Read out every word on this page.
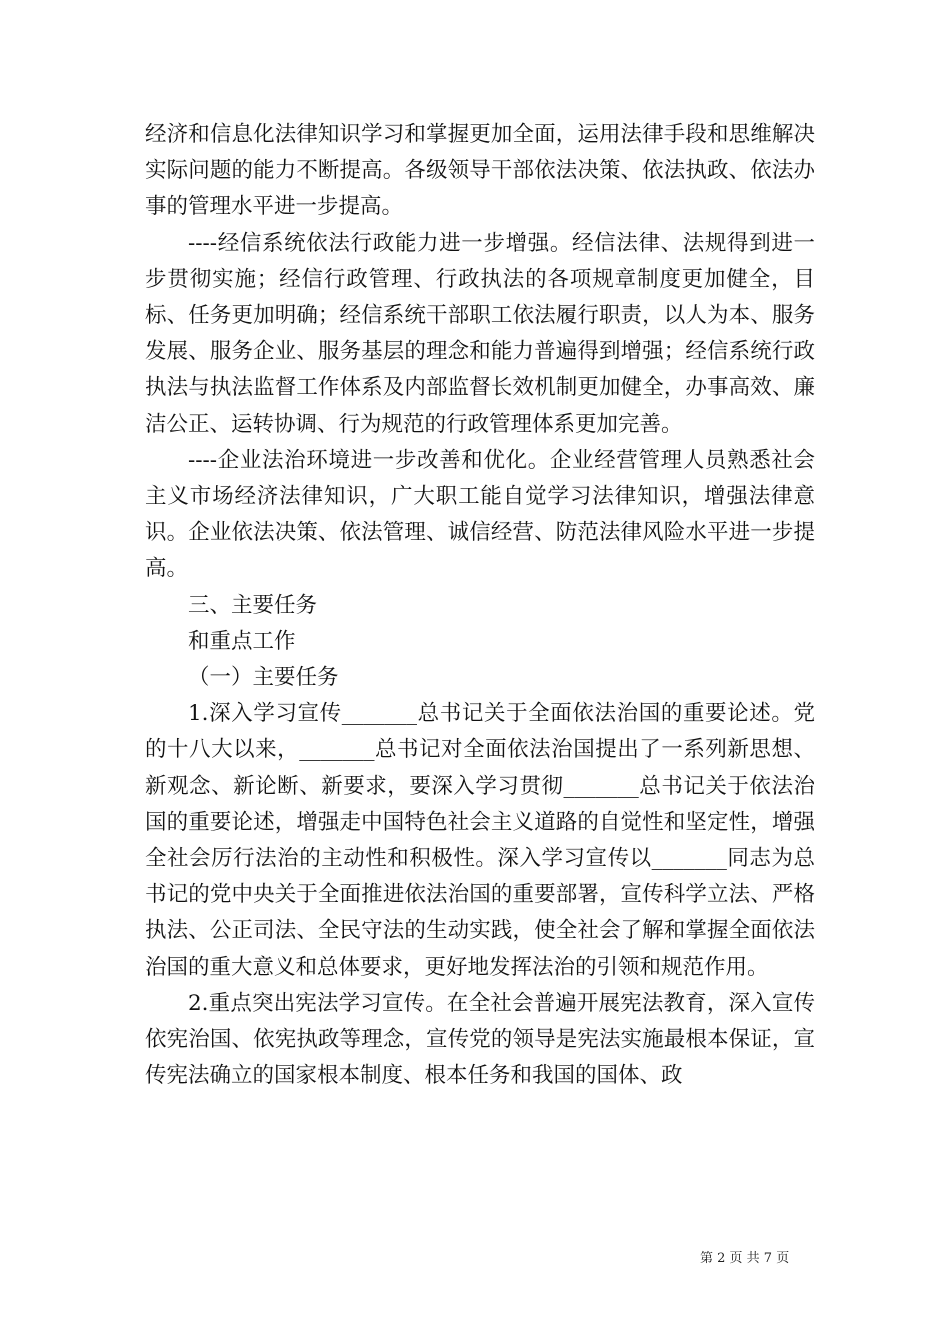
经济和信息化法律知识学习和掌握更加全面，运用法律手段和思维解决实际问题的能力不断提高。各级领导干部依法决策、依法执政、依法办事的管理水平进一步提高。

----经信系统依法行政能力进一步增强。经信法律、法规得到进一步贯彻实施；经信行政管理、行政执法的各项规章制度更加健全，目标、任务更加明确；经信系统干部职工依法履行职责，以人为本、服务发展、服务企业、服务基层的理念和能力普遍得到增强；经信系统行政执法与执法监督工作体系及内部监督长效机制更加健全，办事高效、廉洁公正、运转协调、行为规范的行政管理体系更加完善。

----企业法治环境进一步改善和优化。企业经营管理人员熟悉社会主义市场经济法律知识，广大职工能自觉学习法律知识，增强法律意识。企业依法决策、依法管理、诚信经营、防范法律风险水平进一步提高。

三、主要任务

和重点工作

（一）主要任务

1.深入学习宣传_______总书记关于全面依法治国的重要论述。党的十八大以来，_______总书记对全面依法治国提出了一系列新思想、新观念、新论断、新要求，要深入学习贯彻_______总书记关于依法治国的重要论述，增强走中国特色社会主义道路的自觉性和坚定性，增强全社会厉行法治的主动性和积极性。深入学习宣传以_______同志为总书记的党中央关于全面推进依法治国的重要部署，宣传科学立法、严格执法、公正司法、全民守法的生动实践，使全社会了解和掌握全面依法治国的重大意义和总体要求，更好地发挥法治的引领和规范作用。

2.重点突出宪法学习宣传。在全社会普遍开展宪法教育，深入宣传依宪治国、依宪执政等理念，宣传党的领导是宪法实施最根本保证，宣传宪法确立的国家根本制度、根本任务和我国的国体、政

第 2 页 共 7 页
